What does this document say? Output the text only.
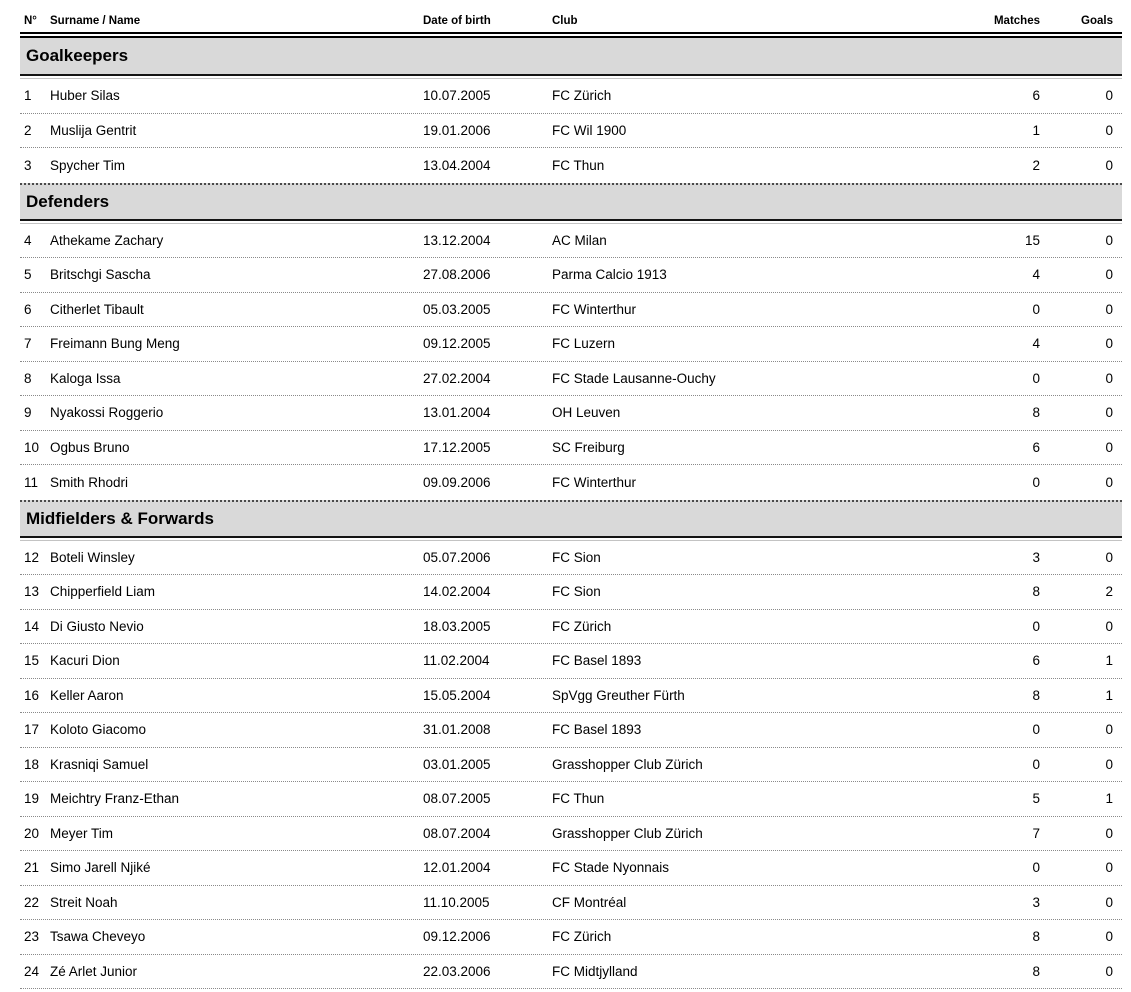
N°	Surname / Name	Date of birth	Club	Matches	Goals
Goalkeepers
1	Huber Silas	10.07.2005	FC Zürich	6	0
2	Muslija Gentrit	19.01.2006	FC Wil 1900	1	0
3	Spycher Tim	13.04.2004	FC Thun	2	0
Defenders
4	Athekame Zachary	13.12.2004	AC Milan	15	0
5	Britschgi Sascha	27.08.2006	Parma Calcio 1913	4	0
6	Citherlet Tibault	05.03.2005	FC Winterthur	0	0
7	Freimann Bung Meng	09.12.2005	FC Luzern	4	0
8	Kaloga Issa	27.02.2004	FC Stade Lausanne-Ouchy	0	0
9	Nyakossi Roggerio	13.01.2004	OH Leuven	8	0
10 Ogbus Bruno	17.12.2005	SC Freiburg	6	0
11 Smith Rhodri	09.09.2006	FC Winterthur	0	0
Midfielders & Forwards
12 Boteli Winsley	05.07.2006	FC Sion	3	0
13 Chipperfield Liam	14.02.2004	FC Sion	8	2
14 Di Giusto Nevio	18.03.2005	FC Zürich	0	0
15 Kacuri Dion	11.02.2004	FC Basel 1893	6	1
16 Keller Aaron	15.05.2004	SpVgg Greuther Fürth	8	1
17 Koloto Giacomo	31.01.2008	FC Basel 1893	0	0
18 Krasniqi Samuel	03.01.2005	Grasshopper Club Zürich	0	0
19 Meichtry Franz-Ethan	08.07.2005	FC Thun	5	1
20 Meyer Tim	08.07.2004	Grasshopper Club Zürich	7	0
21 Simo Jarell Njiké	12.01.2004	FC Stade Nyonnais	0	0
22 Streit Noah	11.10.2005	CF Montréal	3	0
23 Tsawa Cheveyo	09.12.2006	FC Zürich	8	0
24 Zé Arlet Junior	22.03.2006	FC Midtjylland	8	0
